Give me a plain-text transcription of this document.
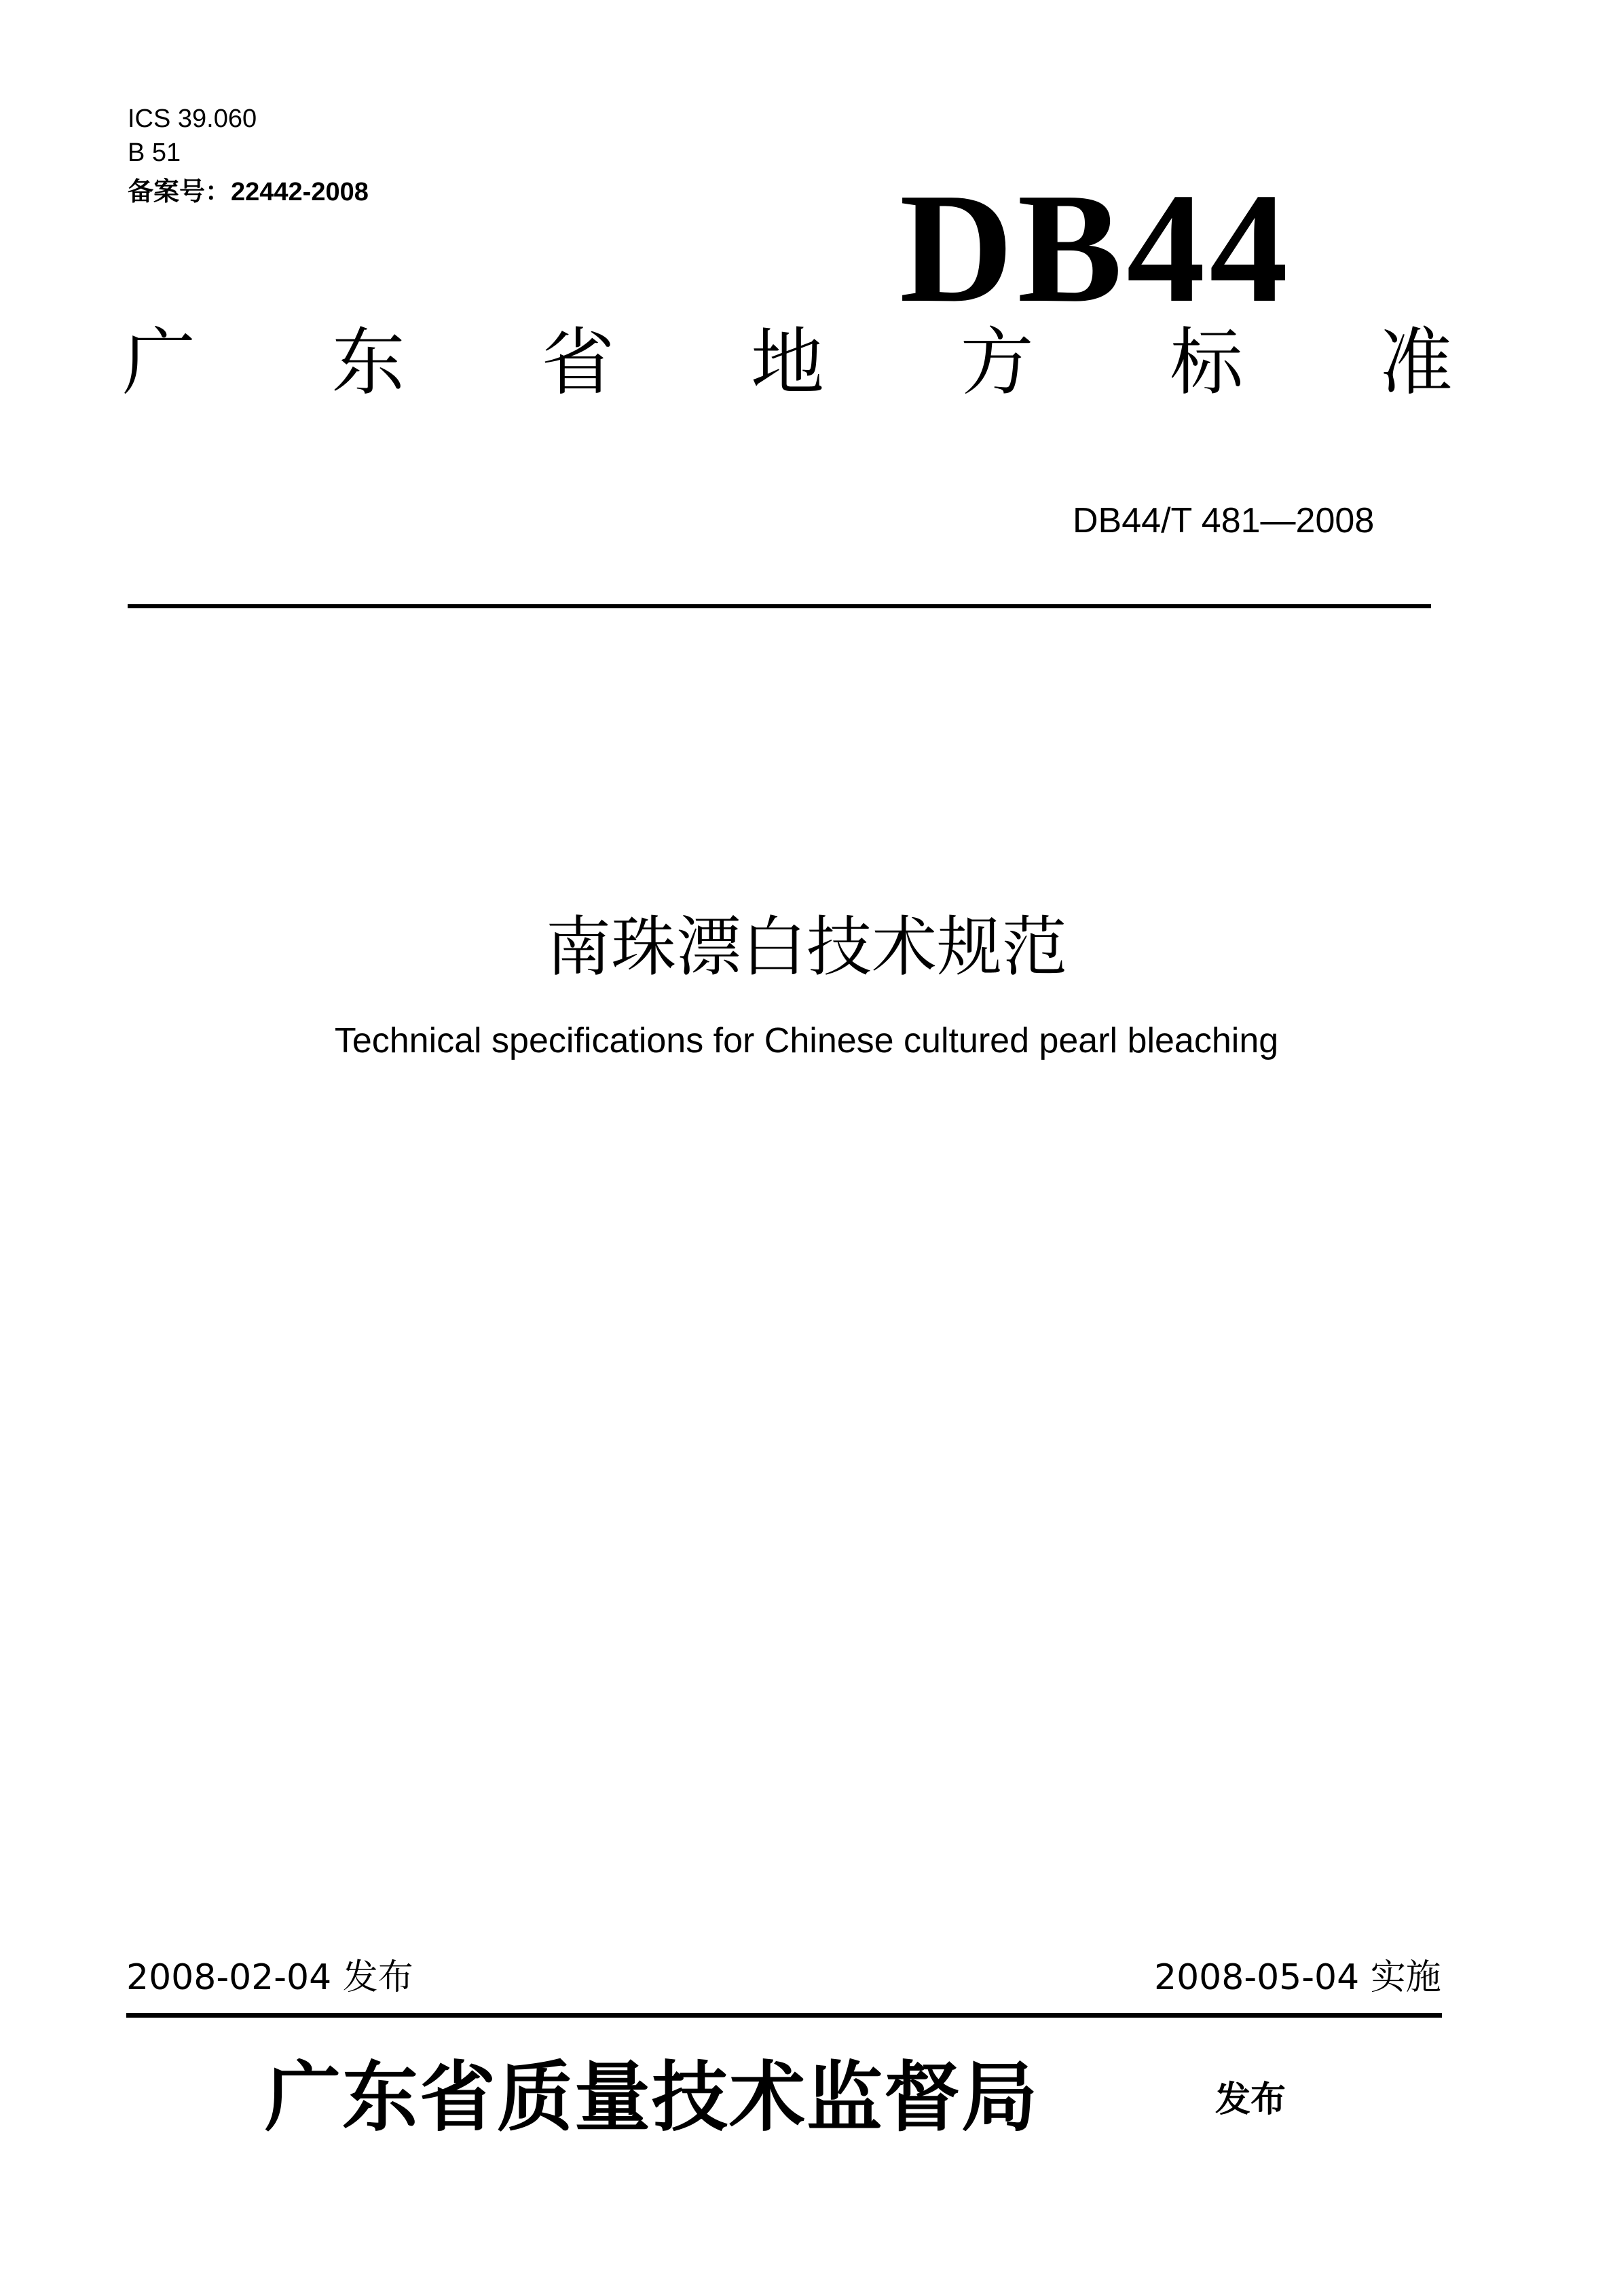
ICS 39.060
B 51
备案号：22442-2008	DB44
广 东 省 地 方 标 准
DB44/T 481—2008
南珠漂白技术规范
Technical specifications for Chinese cultured pearl bleaching
2008-02-04 发布	2008-05-04 实施
广东省质量技术监督局	发布
